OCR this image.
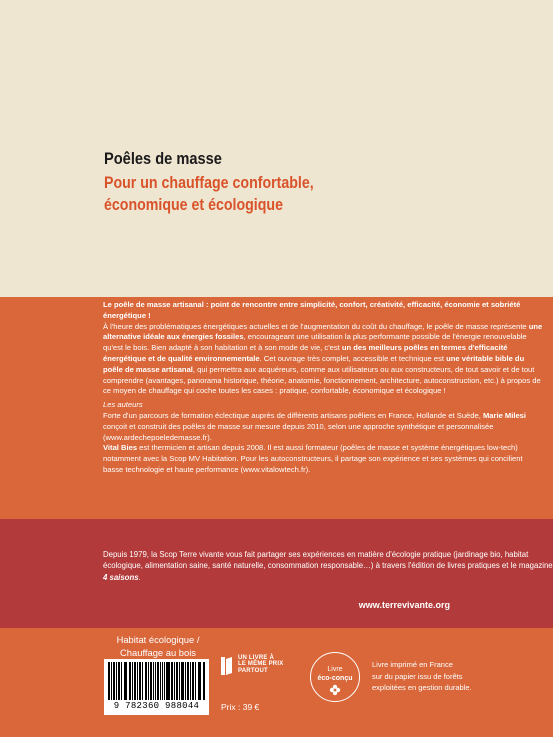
Poêles de masse
Pour un chauffage confortable,
économique et écologique

Le poêle de masse artisanal : point de rencontre entre simplicité, confort, créativité, efficacité, économie et sobriété énergétique !

À l'heure des problématiques énergétiques actuelles et de l'augmentation du coût du chauffage, le poêle de masse représente une alternative idéale aux énergies fossiles, encourageant une utilisation la plus performante possible de l'énergie renouvelable qu'est le bois. Bien adapté à son habitation et à son mode de vie, c'est un des meilleurs poêles en termes d'efficacité énergétique et de qualité environnementale. Cet ouvrage très complet, accessible et technique est une véritable bible du poêle de masse artisanal, qui permettra aux acquéreurs, comme aux utilisateurs ou aux constructeurs, de tout savoir et de tout comprendre (avantages, panorama historique, théorie, anatomie, fonctionnement, architecture, autoconstruction, etc.) à propos de ce moyen de chauffage qui coche toutes les cases : pratique, confortable, économique et écologique !

Les auteurs

Forte d'un parcours de formation éclectique auprès de différents artisans poêliers en France, Hollande et Suède, Marie Milesi conçoit et construit des poêles de masse sur mesure depuis 2010, selon une approche synthétique et personnalisée (www.ardechepoeledemasse.fr).

Vital Bies est thermicien et artisan depuis 2008. Il est aussi formateur (poêles de masse et système énergétiques low-tech) notamment avec la Scop MV Habitation. Pour les autoconstructeurs, il partage son expérience et ses systèmes qui concilient basse technologie et haute performance (www.vitalowtech.fr).

Depuis 1979, la Scop Terre vivante vous fait partager ses expériences en matière d'écologie pratique (jardinage bio, habitat écologique, alimentation saine, santé naturelle, consommation responsable…) à travers l'édition de livres pratiques et le magazine 4 saisons.
www.terrevivante.org
Habitat écologique /
Chauffage au bois
9 782360 988044
UN LIVRE À
LE MÊME PRIX
PARTOUT
Prix : 39 €
Livre
éco-conçu
Livre imprimé en France
sur du papier issu de forêts
exploitées en gestion durable.
